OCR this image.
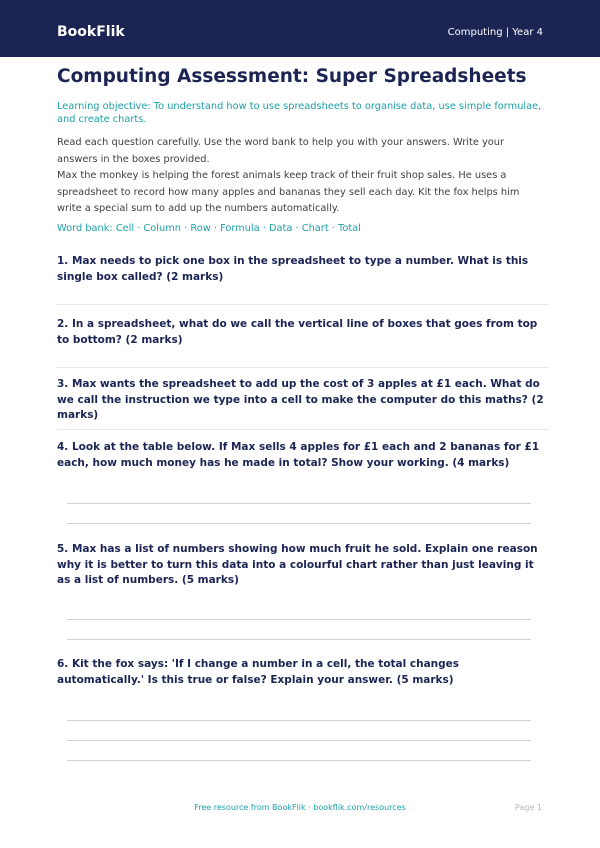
BookFlik	Computing | Year 4
Computing Assessment: Super Spreadsheets
Learning objective: To understand how to use spreadsheets to organise data, use simple formulae, and create charts.
Read each question carefully. Use the word bank to help you with your answers. Write your answers in the boxes provided.
Max the monkey is helping the forest animals keep track of their fruit shop sales. He uses a spreadsheet to record how many apples and bananas they sell each day. Kit the fox helps him write a special sum to add up the numbers automatically.
Word bank: Cell · Column · Row · Formula · Data · Chart · Total
1. Max needs to pick one box in the spreadsheet to type a number. What is this single box called? (2 marks)
2. In a spreadsheet, what do we call the vertical line of boxes that goes from top to bottom? (2 marks)
3. Max wants the spreadsheet to add up the cost of 3 apples at £1 each. What do we call the instruction we type into a cell to make the computer do this maths? (2 marks)
4. Look at the table below. If Max sells 4 apples for £1 each and 2 bananas for £1 each, how much money has he made in total? Show your working. (4 marks)
5. Max has a list of numbers showing how much fruit he sold. Explain one reason why it is better to turn this data into a colourful chart rather than just leaving it as a list of numbers. (5 marks)
6. Kit the fox says: 'If I change a number in a cell, the total changes automatically.' Is this true or false? Explain your answer. (5 marks)
Free resource from BookFlik · bookflik.com/resources	Page 1
